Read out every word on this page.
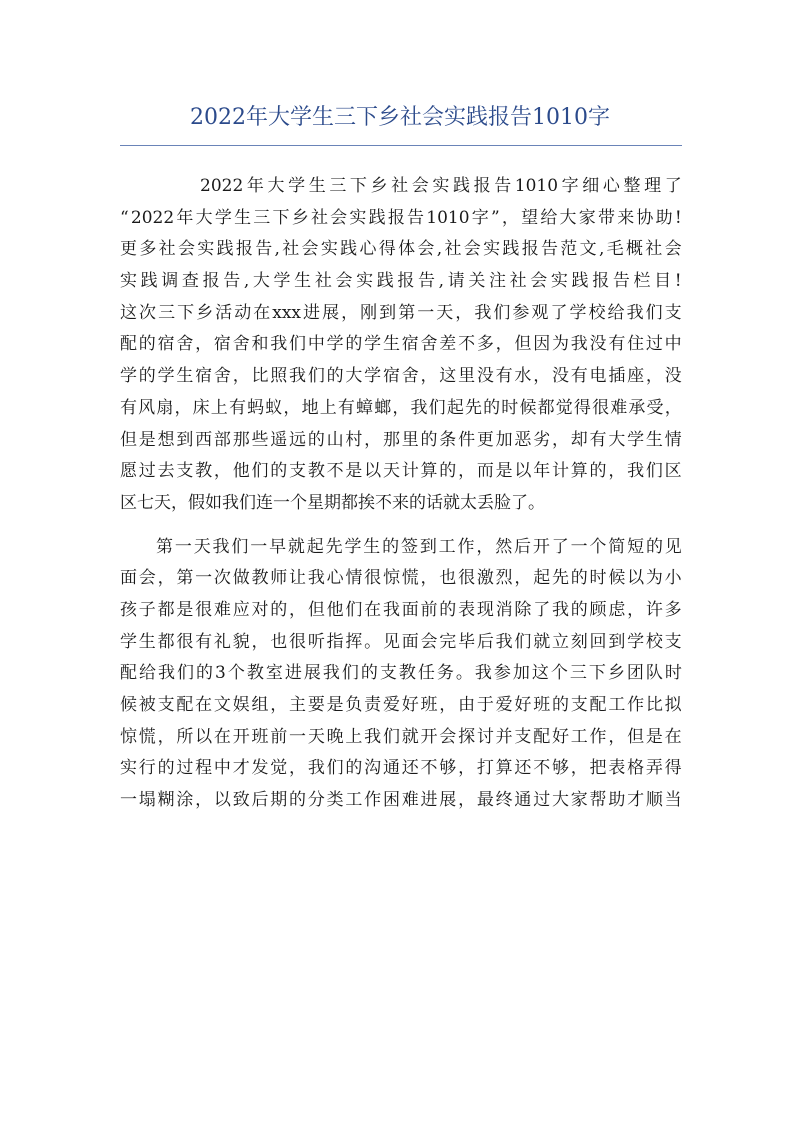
2022年大学生三下乡社会实践报告1010字
2022 年 大 学 生 三 下 乡 社 会 实 践 报 告 1010 字 细 心 整 理 了
“ 2022 年 大 学 生 三 下 乡 社 会 实 践 报 告 1010 字 ” ， 望 给 大 家 带 来 协 助 !
更 多 社 会 实 践 报 告 , 社 会 实 践 心 得 体 会 , 社 会 实 践 报 告 范 文 , 毛 概 社 会
实 践 调 查 报 告 , 大 学 生 社 会 实 践 报 告 , 请 关 注 社 会 实 践 报 告 栏 目 !
这 次 三 下 乡 活 动 在 xxx 进 展 ， 刚 到 第 一 天 ， 我 们 参 观 了 学 校 给 我 们 支
配 的 宿 舍 ， 宿 舍 和 我 们 中 学 的 学 生 宿 舍 差 不 多 ， 但 因 为 我 没 有 住 过 中
学 的 学 生 宿 舍 ， 比 照 我 们 的 大 学 宿 舍 ， 这 里 没 有 水 ， 没 有 电 插 座 ， 没
有 风 扇 ， 床 上 有 蚂 蚁 ， 地 上 有 蟑 螂 ， 我 们 起 先 的 时 候 都 觉 得 很 难 承 受 ，
但 是 想 到 西 部 那 些 遥 远 的 山 村 ， 那 里 的 条 件 更 加 恶 劣 ， 却 有 大 学 生 情
愿 过 去 支 教 ， 他 们 的 支 教 不 是 以 天 计 算 的 ， 而 是 以 年 计 算 的 ， 我 们 区
区七天，假如我们连一个星期都挨不来的话就太丢脸了。
第 一 天 我 们 一 早 就 起 先 学 生 的 签 到 工 作 ， 然 后 开 了 一 个 简 短 的 见
面 会 ， 第 一 次 做 教 师 让 我 心 情 很 惊 慌 ， 也 很 激 烈 ， 起 先 的 时 候 以 为 小
孩 子 都 是 很 难 应 对 的 ， 但 他 们 在 我 面 前 的 表 现 消 除 了 我 的 顾 虑 ， 许 多
学 生 都 很 有 礼 貌 ， 也 很 听 指 挥 。 见 面 会 完 毕 后 我 们 就 立 刻 回 到 学 校 支
配 给 我 们 的 3 个 教 室 进 展 我 们 的 支 教 任 务 。 我 参 加 这 个 三 下 乡 团 队 时
候 被 支 配 在 文 娱 组 ， 主 要 是 负 责 爱 好 班 ， 由 于 爱 好 班 的 支 配 工 作 比 拟
惊 慌 ， 所 以 在 开 班 前 一 天 晚 上 我 们 就 开 会 探 讨 并 支 配 好 工 作 ， 但 是 在
实 行 的 过 程 中 才 发 觉 ， 我 们 的 沟 通 还 不 够 ， 打 算 还 不 够 ， 把 表 格 弄 得
一 塌 糊 涂 ， 以 致 后 期 的 分 类 工 作 困 难 进 展 ， 最 终 通 过 大 家 帮 助 才 顺 当
